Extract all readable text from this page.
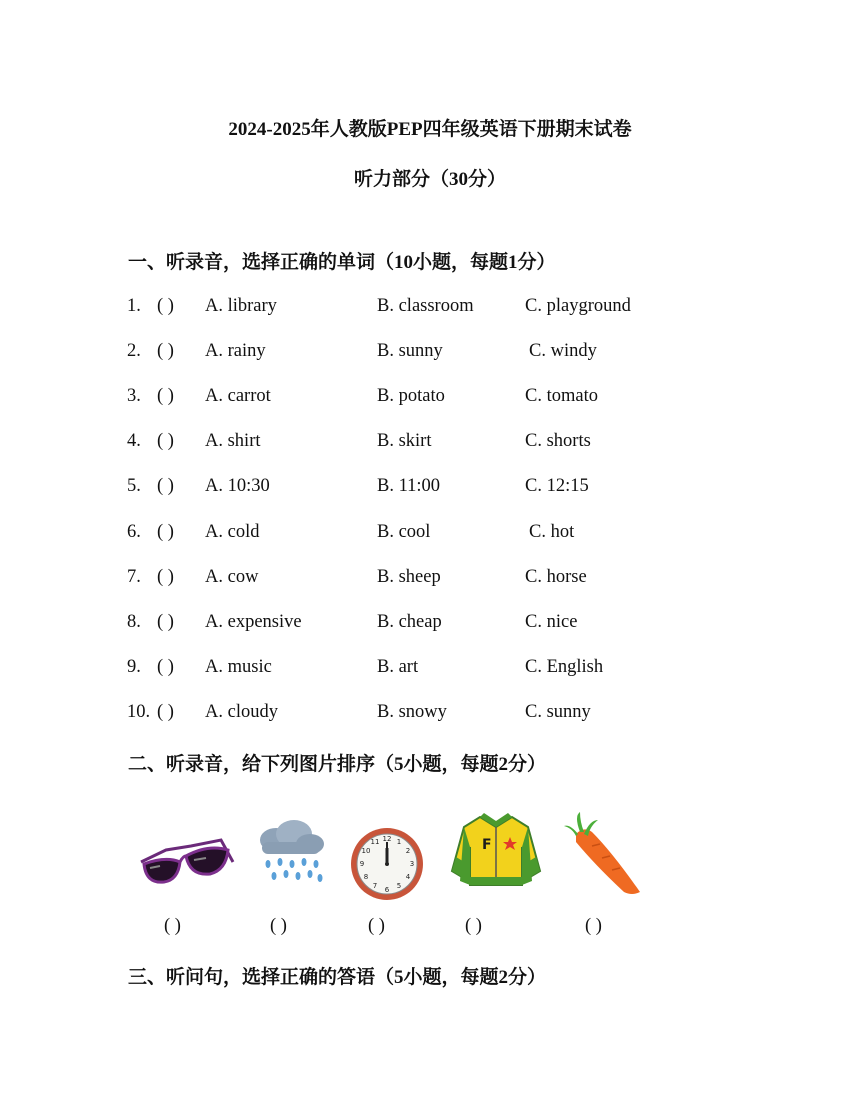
2024-2025年人教版PEP四年级英语下册期末试卷
听力部分（30分）
一、听录音，选择正确的单词（10小题，每题1分）
1. ( ) A. library	B. classroom	C. playground
2. ( ) A. rainy	B. sunny	C. windy
3. ( ) A. carrot	B. potato	C. tomato
4. ( ) A. shirt	B. skirt	C. shorts
5. ( ) A. 10:30	B. 11:00	C. 12:15
6. ( ) A. cold	B. cool	C. hot
7. ( ) A. cow	B. sheep	C. horse
8. ( ) A. expensive	B. cheap	C. nice
9. ( ) A. music	B. art	C. English
10. ( ) A. cloudy	B. snowy	C. sunny
二、听录音，给下列图片排序（5小题，每题2分）
12 1
2
3
4
5
6
7
8
9
10
11	F
( )	( )	( )	( )	( )
三、听问句，选择正确的答语（5小题，每题2分）
